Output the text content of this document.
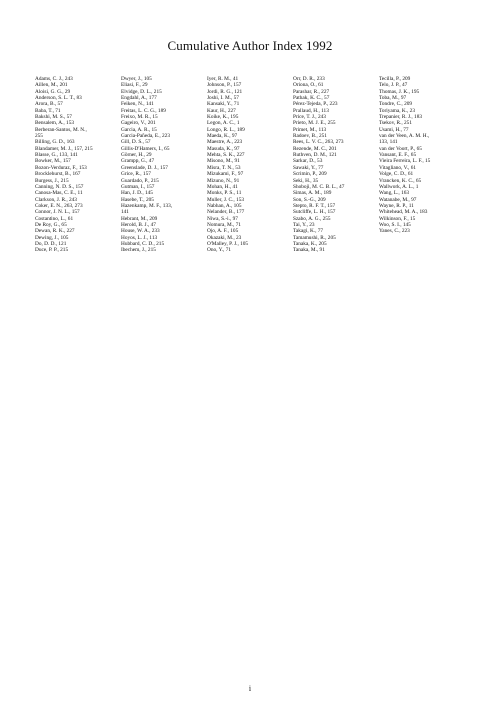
Cumulative Author Index 1992
Adams, C. J., 243
Aillen, M., 201
Aloisi, G. G., 29
Anderson, S. L. T., 83
Arora, B., 57
Baba, T., 71
Bakshi, M. S., 57
Bensalem, A., 153
Berberan-Santos, M. N.,
255
Billing, G. D., 163
Blandamer, M. J., 157, 215
Blasse, G., 133, 141
Bowker, M., 157
Bozon-Verduraz, F., 153
Brocklehurst, B., 167
Burgess, J., 215
Canning, N. D. S., 157
Canosa-Mas, C. E., 11
Clarkson, J. R., 243
Coker, E. N., 263, 273
Connor, J. N. L., 157
Costantino, L., 61
De Roy, G., 65
Dewan, R. K., 227
Dewing, J., 105
Do, D. D., 121
Duce, P. P., 215
Dwyer, J., 105
Eliasi, F., 29
Elvidge, D. L., 215
Engdahl, A., 177
Feiken, N., 141
Freitas, L. C. G., 189
Freixo, M. R., 15
Gageiro, V., 201
Garcia, A. R., 15
Garcia-Pañeda, E., 223
Gill, D. S., 57
Gillis-D'Hamers, I., 65
Görner, H., 29
Grampp, G., 47
Greenslade, D. J., 157
Grice, R., 157
Guardado, P., 215
Gutman, I., 157
Han, J. D., 145
Hasebe, T., 205
Hazenkamp, M. F., 133,
141
Hebrant, M., 209
Herold, B. J., 47
House, W. A., 233
Hoyos, L. J., 113
Hubbard, C. D., 215
Ibechem, J., 215
Iyer, R. M., 41
Johnson, P., 157
Jordi, R. G., 121
Joshi, I. M., 57
Kansaki, Y., 71
Kaur, H., 227
Koike, K., 195
Legon, A. C., 1
Longo, R. L., 189
Maeda, K., 97
Maestre, A., 223
Masuda, K., 97
Mehta, S. K., 227
Misono, M., 91
Misra, T. N., 53
Mizukami, F., 97
Mizuno, N., 91
Mohan, H., 41
Monks, P. S., 11
Muller, J. C., 153
Nabhan, A., 105
Nelander, B., 177
Niwa, S.-i., 97
Nomura, M., 71
Ojo, A. F., 105
Okazaki, M., 23
O'Malley, P. J., 105
Ono, Y., 71
Orr, D. R., 233
Oriona, O., 61
Parashar, R., 227
Pathak, K. C., 57
Pérez-Tejeda, P., 223
Prallaud, H., 113
Price, T. J., 243
Prieto, M. J. E., 255
Primet, M., 113
Radoev, B., 251
Rees, L. V. C., 263, 273
Rezende, M. C., 201
Ruthven, D. M., 121
Sarkar, D., 53
Sawaki, Y., 77
Scrimin, P., 209
Seki, H., 35
Shoboji, M. C. B. L., 47
Simas, A. M., 189
Son, S.-G., 209
Stepto, R. F. T., 157
Sutcliffe, L. H., 157
Szabo, A. G., 255
Tai, Y., 23
Takagi, K., 77
Tamamushi, R., 205
Tanaka, K., 205
Tanaka, M., 91
Tecilla, P., 209
Telo, J. P., 47
Thomas, J. K., 195
Toba, M., 97
Tondre, C., 209
Toriyama, K., 23
Trepanier, R. J., 183
Tsekov, R., 251
Usami, H., 77
van der Veen, A. M. H.,
133, 141
van der Voort, P., 65
Vansant, E. F., 65
Vieira Ferreira, L. F., 15
Vitagliano, V., 61
Volge, C. D., 61
Vrancken, K. C., 65
Wallwork, A. L., 1
Wang, L., 163
Watanabe, M., 97
Wayne, R. P., 11
Whitehead, M. A., 183
Wilkinson, F., 15
Woo, S. I., 145
Yanes, C., 223
i
